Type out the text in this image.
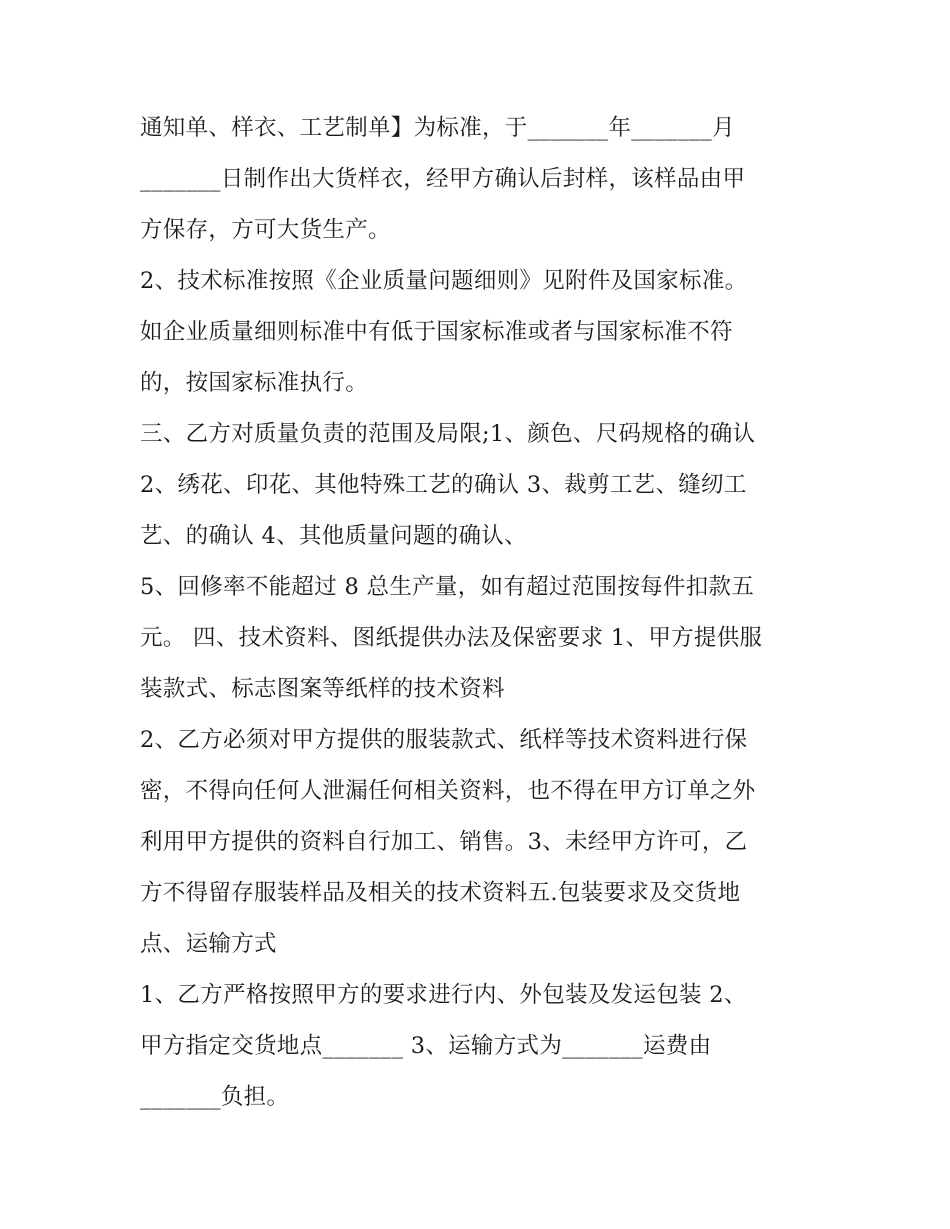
通知单、样衣、工艺制单】为标准，于_______年_______月

_______日制作出大货样衣，经甲方确认后封样，该样品由甲

方保存，方可大货生产。

2、技术标准按照《企业质量问题细则》见附件及国家标准。

如企业质量细则标准中有低于国家标准或者与国家标准不符

的，按国家标准执行。

三、乙方对质量负责的范围及局限;1、颜色、尺码规格的确认

2、绣花、印花、其他特殊工艺的确认 3、裁剪工艺、缝纫工

艺、的确认 4、其他质量问题的确认、

5、回修率不能超过 8 总生产量，如有超过范围按每件扣款五

元。 四、技术资料、图纸提供办法及保密要求 1、甲方提供服

装款式、标志图案等纸样的技术资料

2、乙方必须对甲方提供的服装款式、纸样等技术资料进行保

密，不得向任何人泄漏任何相关资料，也不得在甲方订单之外

利用甲方提供的资料自行加工、销售。3、未经甲方许可，乙

方不得留存服装样品及相关的技术资料五.包装要求及交货地

点、运输方式

1、乙方严格按照甲方的要求进行内、外包装及发运包装 2、

甲方指定交货地点_______ 3、运输方式为_______运费由

_______负担。
